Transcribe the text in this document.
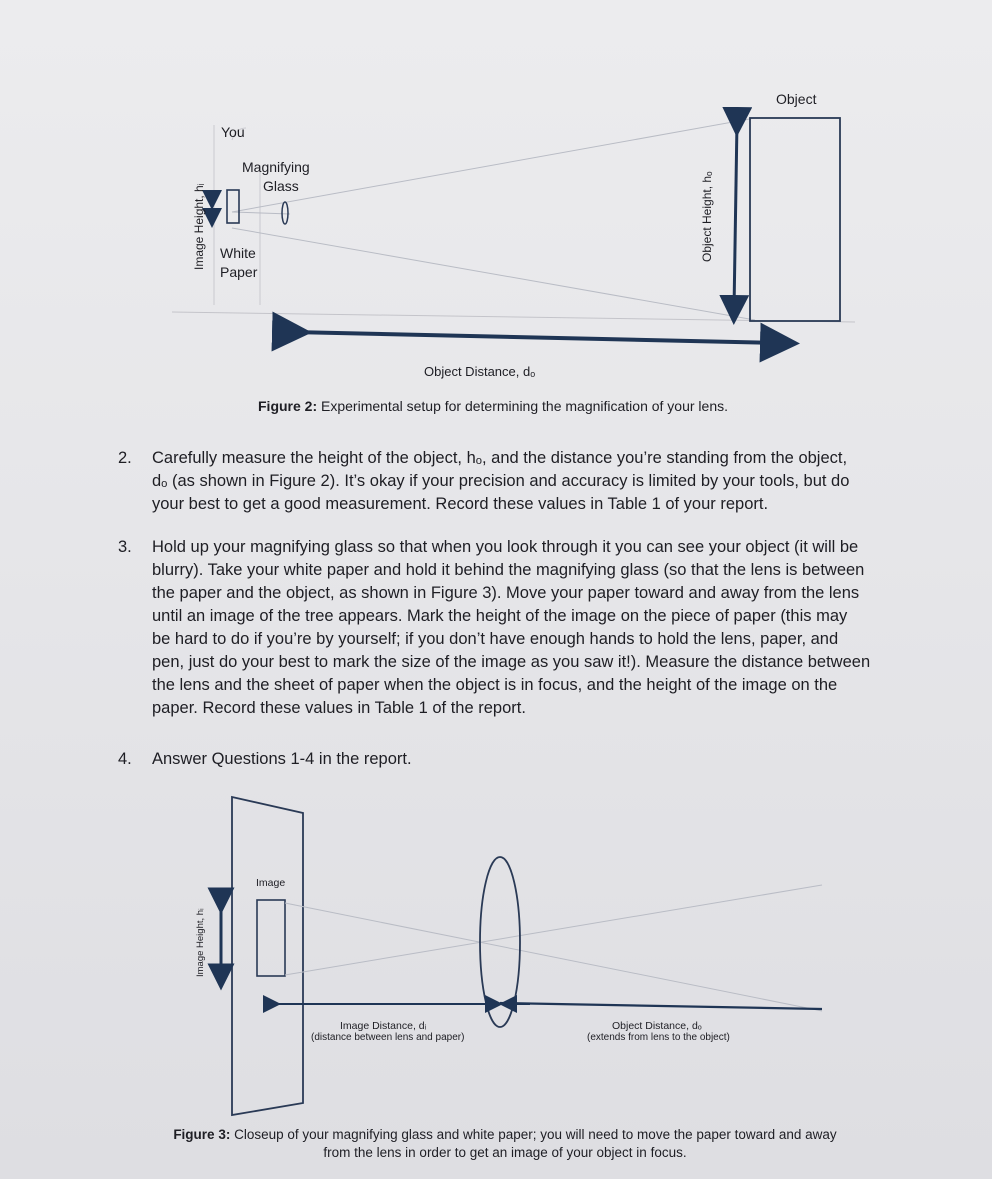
Object
You
Magnifying
Glass
White
Paper
Image Height, hᵢ	Object Height, hₒ
Object Distance, dₒ
Figure 2: Experimental setup for determining the magnification of your lens.
2. Carefully measure the height of the object, hₒ, and the distance you’re standing from the object,

dₒ (as shown in Figure 2). It’s okay if your precision and accuracy is limited by your tools, but do

your best to get a good measurement. Record these values in Table 1 of your report.

3. Hold up your magnifying glass so that when you look through it you can see your object (it will be

blurry). Take your white paper and hold it behind the magnifying glass (so that the lens is between

the paper and the object, as shown in Figure 3). Move your paper toward and away from the lens

until an image of the tree appears. Mark the height of the image on the piece of paper (this may

be hard to do if you’re by yourself; if you don’t have enough hands to hold the lens, paper, and

pen, just do your best to mark the size of the image as you saw it!). Measure the distance between

the lens and the sheet of paper when the object is in focus, and the height of the image on the

paper. Record these values in Table 1 of the report.

4. Answer Questions 1-4 in the report.

Image
Image Height, hᵢ
Image Distance, dᵢ
(distance between lens and paper)
Object Distance, dₒ
(extends from lens to the object)
Figure 3: Closeup of your magnifying glass and white paper; you will need to move the paper toward and away
from the lens in order to get an image of your object in focus.
